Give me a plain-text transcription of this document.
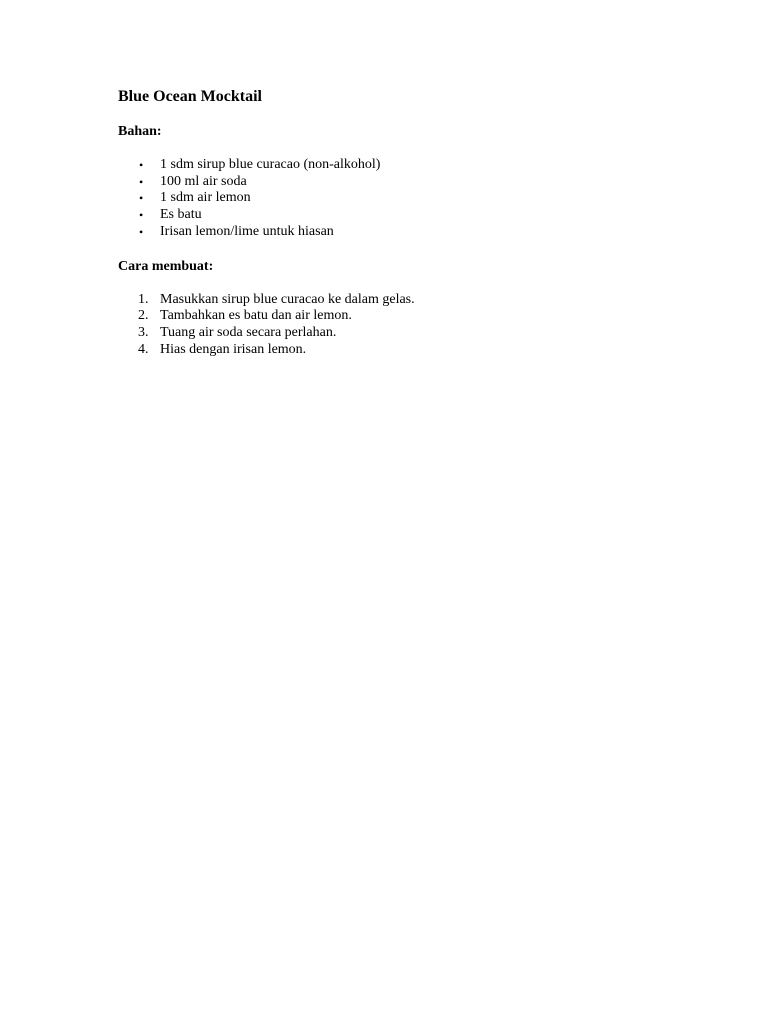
Blue Ocean Mocktail
Bahan:
• 1 sdm sirup blue curacao (non-alkohol)
• 100 ml air soda
• 1 sdm air lemon
• Es batu
• Irisan lemon/lime untuk hiasan
Cara membuat:
1. Masukkan sirup blue curacao ke dalam gelas.
2. Tambahkan es batu dan air lemon.
3. Tuang air soda secara perlahan.
4. Hias dengan irisan lemon.
